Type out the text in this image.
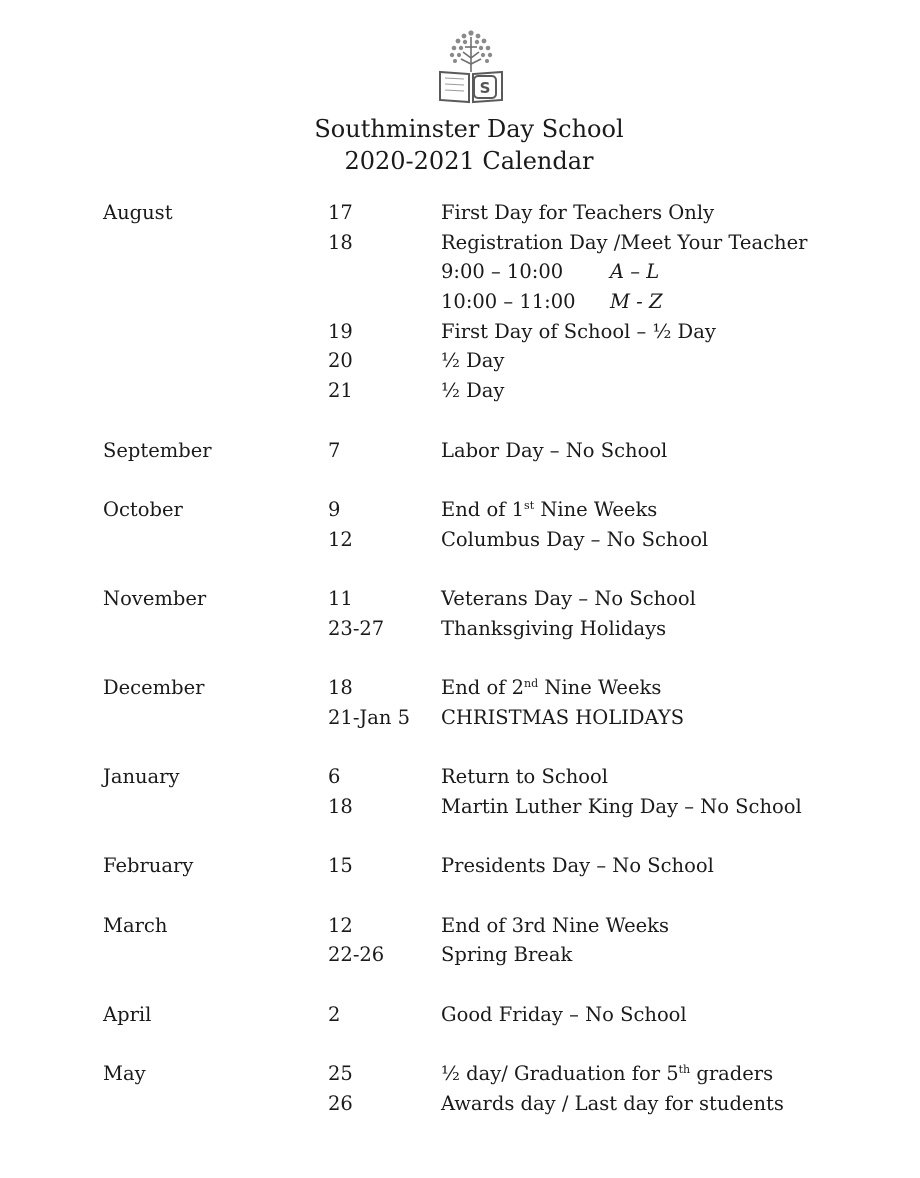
S
Southminster Day School
2020-2021 Calendar
August	17	First Day for Teachers Only
18	Registration Day /Meet Your Teacher
9:00 – 10:00 A – L
10:00 – 11:00 M - Z
19	First Day of School – ½ Day
20	½ Day
21	½ Day
September	7	Labor Day – No School
October	9	End of 1st Nine Weeks
12	Columbus Day – No School
November	11	Veterans Day – No School
23-27	Thanksgiving Holidays
December	18	End of 2nd Nine Weeks
21-Jan 5 CHRISTMAS HOLIDAYS
January	6	Return to School
18	Martin Luther King Day – No School
February	15	Presidents Day – No School
March	12	End of 3rd Nine Weeks
22-26	Spring Break
April	2	Good Friday – No School
May	25	½ day/ Graduation for 5th graders
26	Awards day / Last day for students
